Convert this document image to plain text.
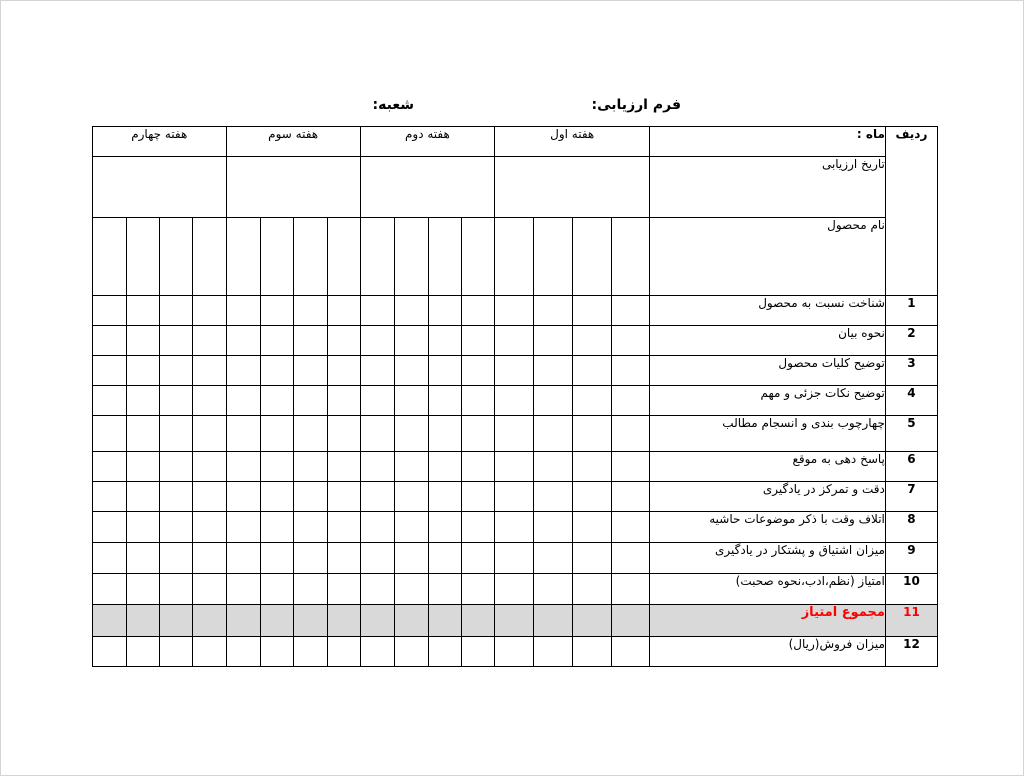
فرم ارزیابی:
شعبه:
ردیف	ماه :	هفته اول				هفته دوم				هفته سوم				هفته چهارم			
	تاریخ ارزیابی																
	نام محصول																
1	شناخت نسبت به محصول																
2	نحوه بیان																
3	توضیح کلیات محصول																
4	توضیح نکات جزئی و مهم																
5	چهارچوب بندی و انسجام مطالب																
6	پاسخ دهی به موقع																
7	دقت و تمرکز در یادگیری																
8	اتلاف وقت با ذکر موضوعات حاشیه																
9	میزان اشتیاق و پشتکار در یادگیری																
10	امتیاز (نظم،ادب،نحوه صحبت)																
11	مجموع امتیاز																
12	میزان فروش(ریال)																
